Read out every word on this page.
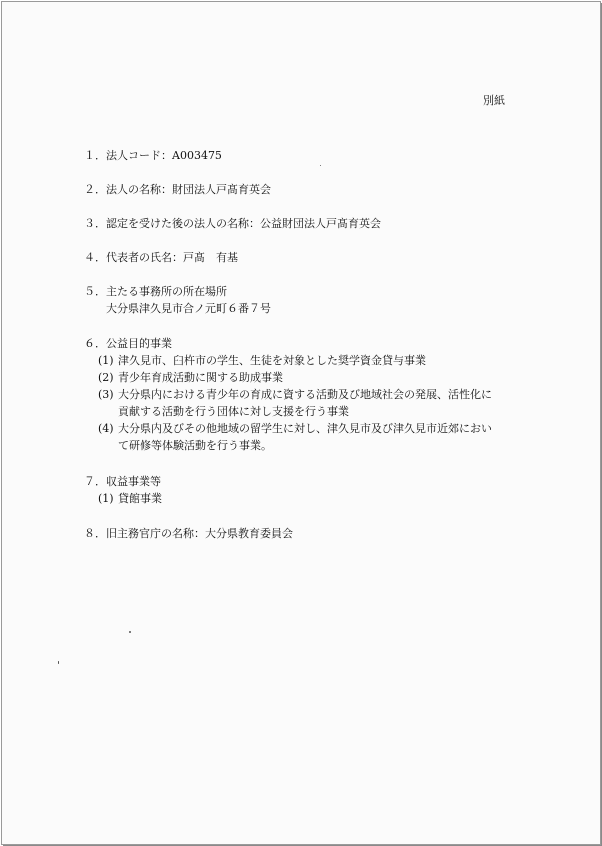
別紙
１．法人コード：A003475
２．法人の名称：財団法人戸髙育英会
３．認定を受けた後の法人の名称：公益財団法人戸髙育英会
４．代表者の氏名：戸髙　有基
５．主たる事務所の所在場所
大分県津久見市合ノ元町６番７号
６．公益目的事業
(1) 津久見市、臼杵市の学生、生徒を対象とした奨学資金貸与事業
(2) 青少年育成活動に関する助成事業
(3) 大分県内における青少年の育成に資する活動及び地域社会の発展、活性化に
貢献する活動を行う団体に対し支援を行う事業
(4) 大分県内及びその他地域の留学生に対し、津久見市及び津久見市近郊におい
て研修等体験活動を行う事業。
７．収益事業等
(1) 貸館事業
８．旧主務官庁の名称：大分県教育委員会
